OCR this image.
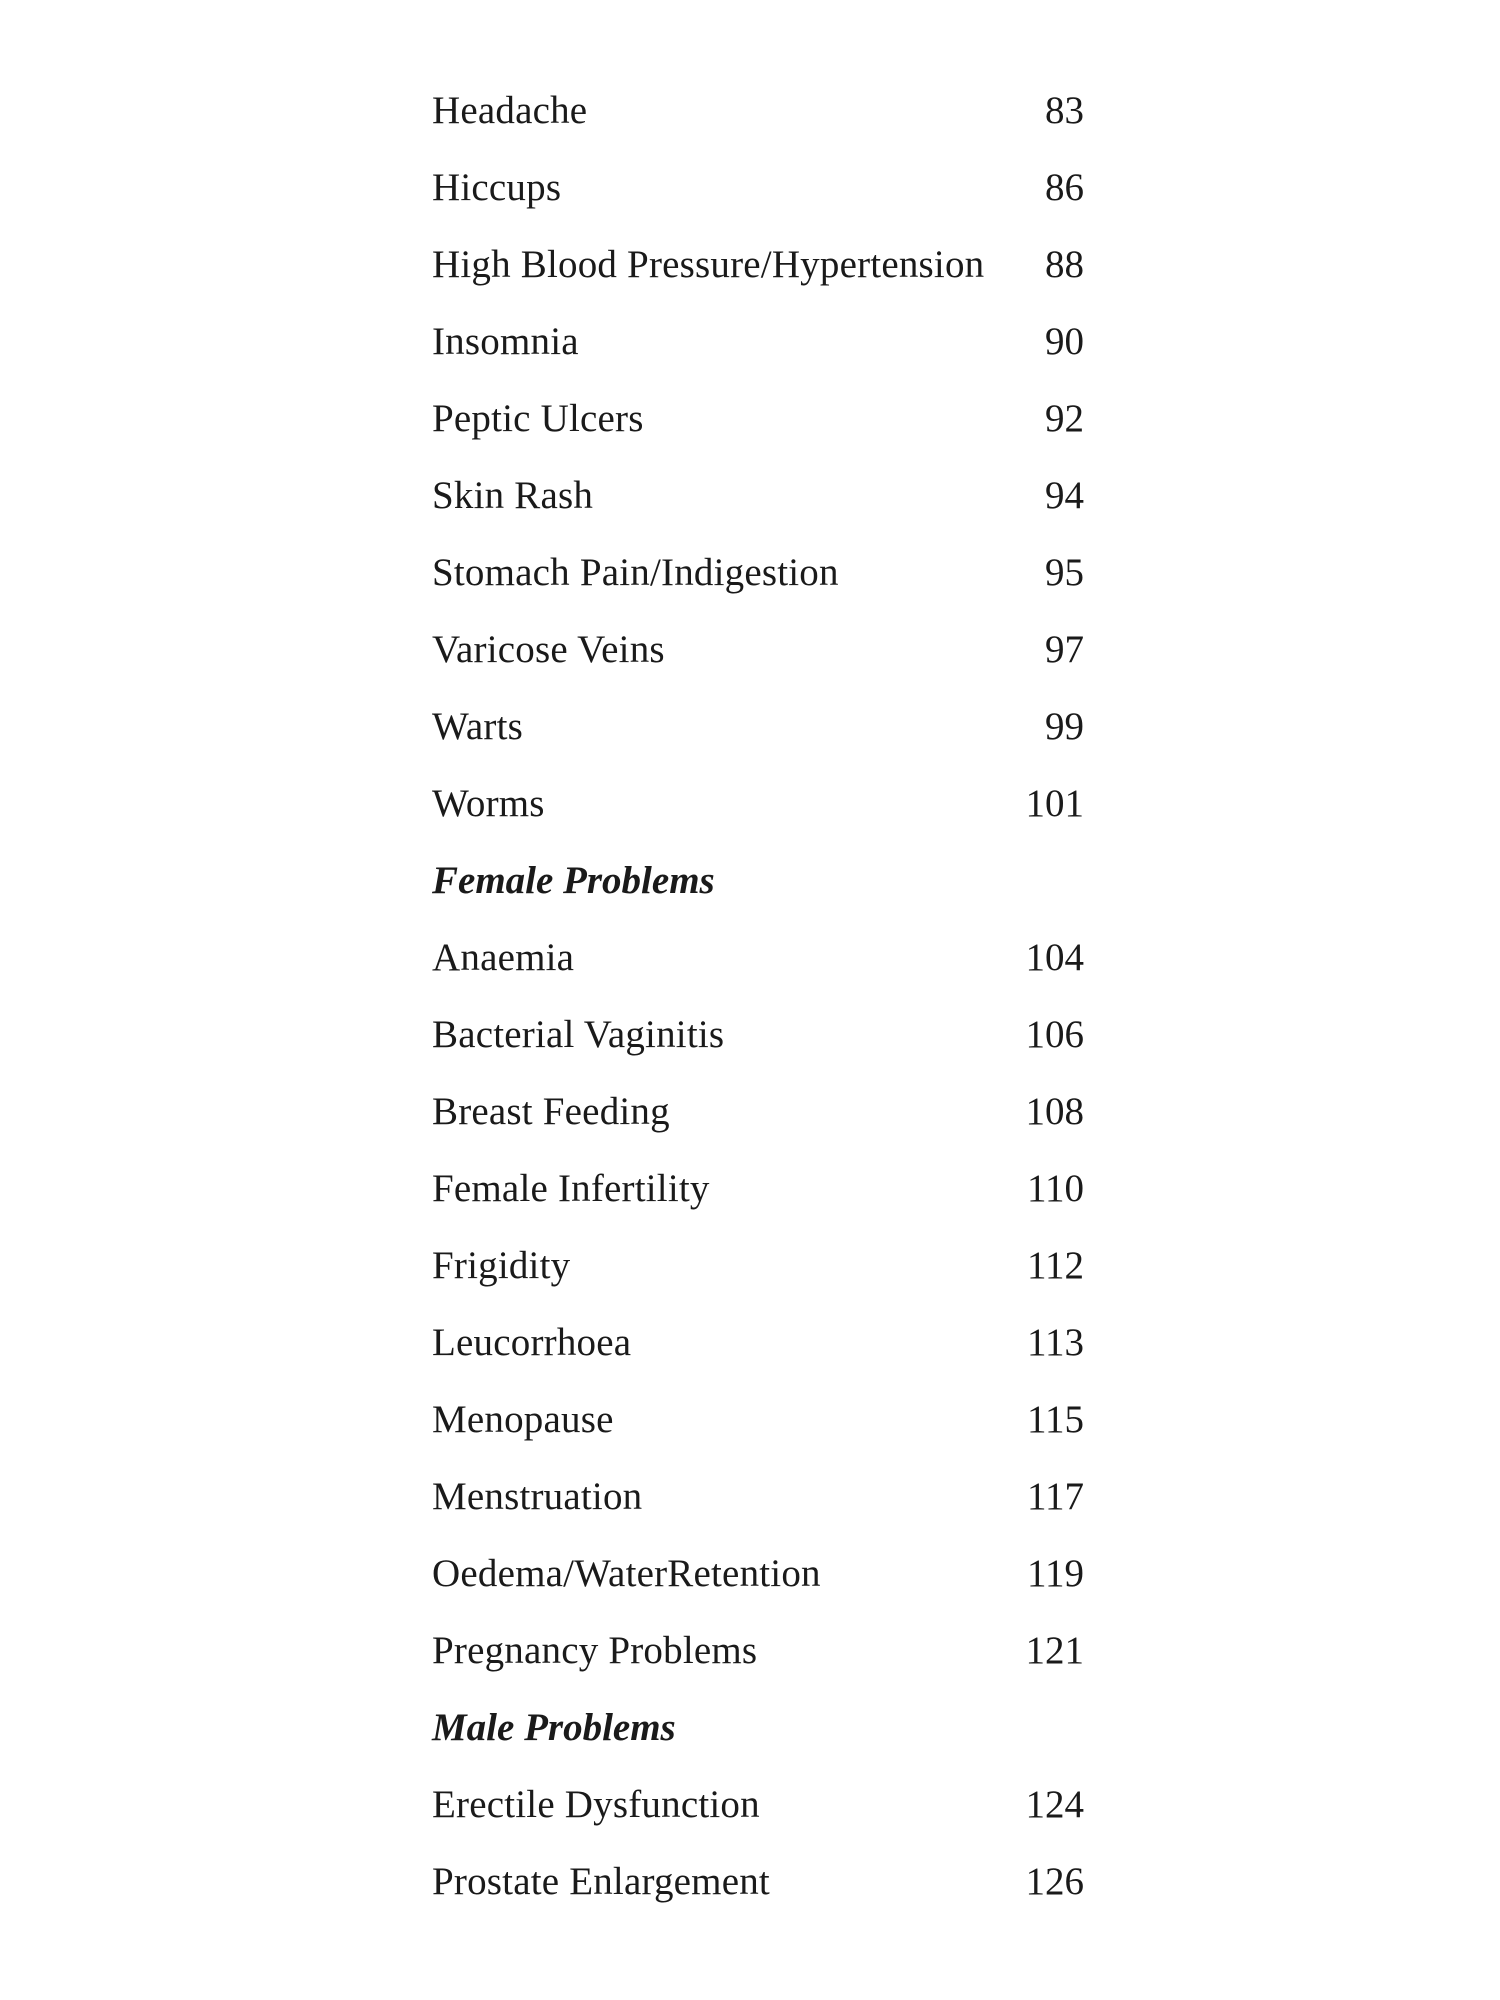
Headache	83
Hiccups	86
High Blood Pressure/Hypertension	88
Insomnia	90
Peptic Ulcers	92
Skin Rash	94
Stomach Pain/Indigestion	95
Varicose Veins	97
Warts	99
Worms	101
Female Problems
Anaemia	104
Bacterial Vaginitis	106
Breast Feeding	108
Female Infertility	110
Frigidity	112
Leucorrhoea	113
Menopause	115
Menstruation	117
Oedema/WaterRetention	119
Pregnancy Problems	121
Male Problems
Erectile Dysfunction	124
Prostate Enlargement	126
